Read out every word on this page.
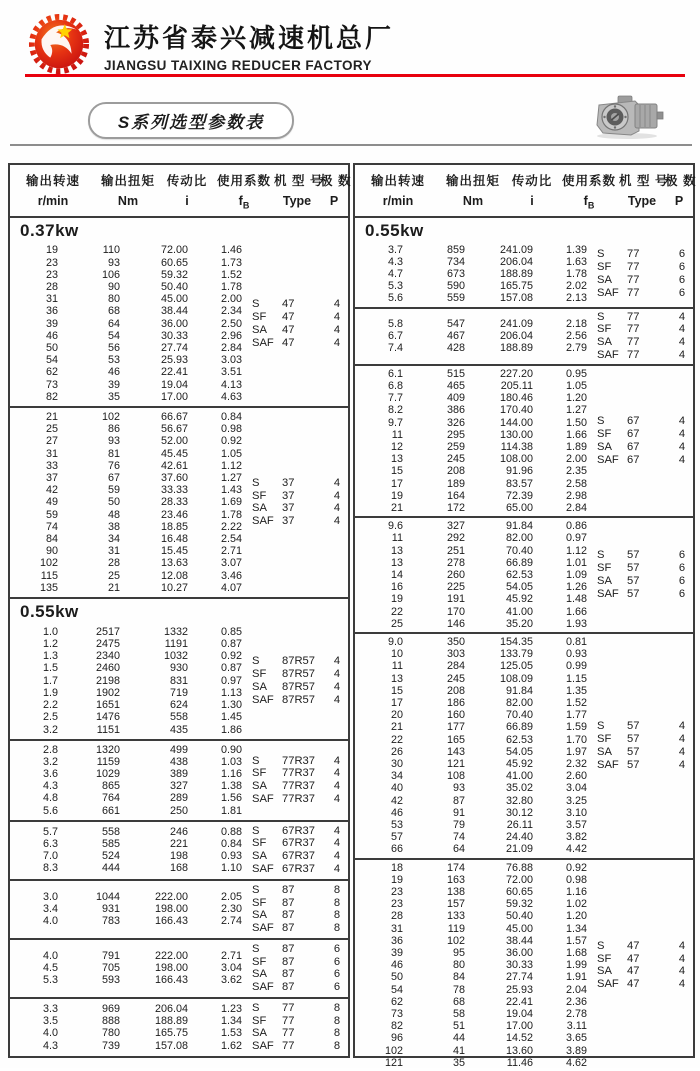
江苏省泰兴减速机总厂
JIANGSU TAIXING REDUCER FACTORY
S系列选型参数表
输出转速
r/min
输出扭矩
Nm
传动比
i
使用系数
$f_B$
机 型 号
Type
极 数
P
0.37kw
19	110	72.00	1.46
23	93	60.65	1.73
23	106	59.32	1.52
28	90	50.40	1.78
31	80	45.00	2.00
36	68	38.44	2.34
39	64	36.00	2.50
46	54	30.33	2.96
50	56	27.74	2.84
54	53	25.93	3.03
62	46	22.41	3.51
73	39	19.04	4.13
82	35	17.00	4.63
S	47	4
SF	47	4
SA	47	4
SAF 47	4
21	102	66.67	0.84
25	86	56.67	0.98
27	93	52.00	0.92
31	81	45.45	1.05
33	76	42.61	1.12
37	67	37.60	1.27
42	59	33.33	1.43
49	50	28.33	1.69
59	48	23.46	1.78
74	38	18.85	2.22
84	34	16.48	2.54
90	31	15.45	2.71
102	28	13.63	3.07
115	25	12.08	3.46
135	21	10.27	4.07
S	37	4
SF	37	4
SA	37	4
SAF 37	4
0.55kw
1.0	2517	1332	0.85
1.2	2475	1191	0.87
1.3	2340	1032	0.92
1.5	2460	930	0.87
1.7	2198	831	0.97
1.9	1902	719	1.13
2.2	1651	624	1.30
2.5	1476	558	1.45
3.2	1151	435	1.86
S	87R57	4
SF	87R57	4
SA	87R57	4
SAF 87R57	4
2.8	1320	499	0.90
3.2	1159	438	1.03
3.6	1029	389	1.16
4.3	865	327	1.38
4.8	764	289	1.56
5.6	661	250	1.81
S	77R37	4
SF	77R37	4
SA	77R37	4
SAF 77R37	4
5.7	558	246	0.88
6.3	585	221	0.84
7.0	524	198	0.93
8.3	444	168	1.10
S	67R37	4
SF	67R37	4
SA	67R37	4
SAF 67R37	4
3.0	1044	222.00	2.05
3.4	931	198.00	2.30
4.0	783	166.43	2.74
S	87	8
SF	87	8
SA	87	8
SAF 87	8
4.0	791	222.00	2.71
4.5	705	198.00	3.04
5.3	593	166.43	3.62
S	87	6
SF	87	6
SA	87	6
SAF 87	6
3.3	969	206.04	1.23
3.5	888	188.89	1.34
4.0	780	165.75	1.53
4.3	739	157.08	1.62
S	77	8
SF	77	8
SA	77	8
SAF 77	8
输出转速
r/min
输出扭矩
Nm
传动比
i
使用系数
$f_B$
机 型 号
Type
极 数
P
0.55kw
3.7	859	241.09	1.39
4.3	734	206.04	1.63
4.7	673	188.89	1.78
5.3	590	165.75	2.02
5.6	559	157.08	2.13
S	77	6
SF	77	6
SA	77	6
SAF 77	6
5.8	547	241.09	2.18
6.7	467	206.04	2.56
7.4	428	188.89	2.79
S	77	4
SF	77	4
SA	77	4
SAF 77	4
6.1	515	227.20	0.95
6.8	465	205.11	1.05
7.7	409	180.46	1.20
8.2	386	170.40	1.27
9.7	326	144.00	1.50
11	295	130.00	1.66
12	259	114.38	1.89
13	245	108.00	2.00
15	208	91.96	2.35
17	189	83.57	2.58
19	164	72.39	2.98
21	172	65.00	2.84
S	67	4
SF	67	4
SA	67	4
SAF 67	4
9.6	327	91.84	0.86
11	292	82.00	0.97
13	251	70.40	1.12
13	278	66.89	1.01
14	260	62.53	1.09
16	225	54.05	1.26
19	191	45.92	1.48
22	170	41.00	1.66
25	146	35.20	1.93
S	57	6
SF	57	6
SA	57	6
SAF 57	6
9.0	350	154.35	0.81
10	303	133.79	0.93
11	284	125.05	0.99
13	245	108.09	1.15
15	208	91.84	1.35
17	186	82.00	1.52
20	160	70.40	1.77
21	177	66.89	1.59
22	165	62.53	1.70
26	143	54.05	1.97
30	121	45.92	2.32
34	108	41.00	2.60
40	93	35.02	3.04
42	87	32.80	3.25
46	91	30.12	3.10
53	79	26.11	3.57
57	74	24.40	3.82
66	64	21.09	4.42
S	57	4
SF	57	4
SA	57	4
SAF 57	4
18	174	76.88	0.92
19	163	72.00	0.98
23	138	60.65	1.16
23	157	59.32	1.02
28	133	50.40	1.20
31	119	45.00	1.34
36	102	38.44	1.57
39	95	36.00	1.68
46	80	30.33	1.99
50	84	27.74	1.91
54	78	25.93	2.04
62	68	22.41	2.36
73	58	19.04	2.78
82	51	17.00	3.11
96	44	14.52	3.65
102	41	13.60	3.89
121	35	11.46	4.62
S	47	4
SF	47	4
SA	47	4
SAF 47	4
